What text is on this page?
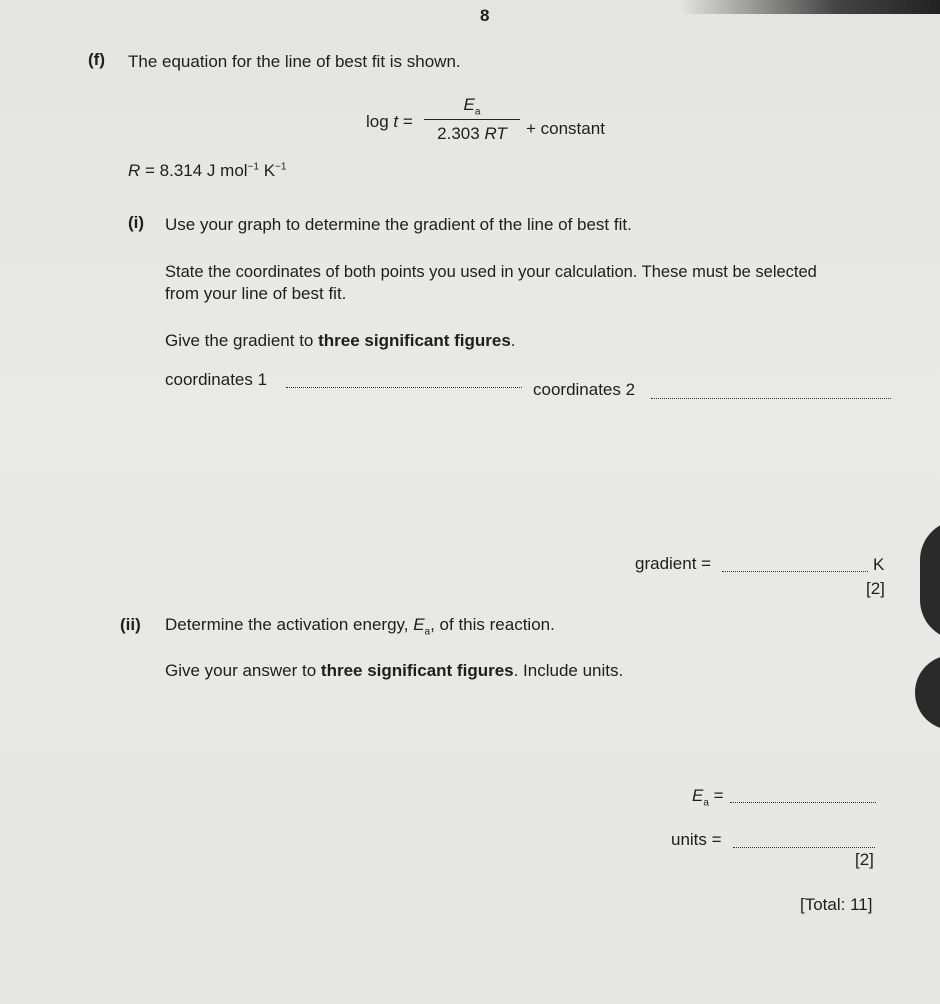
8
(f) The equation for the line of best fit is shown.
log t =
$E_a$
2.303 RT	+ constant
R = 8.314 J mol$^{-1}$ $K^{-1}$
(i) Use your graph to determine the gradient of the line of best fit.
State the coordinates of both points you used in your calculation. These must be selected
from your line of best fit.
Give the gradient to three significant figures.
coordinates 1
coordinates 2
gradient =	K
[2]
(ii) Determine the activation energy, $E_a$, of this reaction.
Give your answer to three significant figures. Include units.
$E_a$ =
units =
[2]
[Total: 11]
